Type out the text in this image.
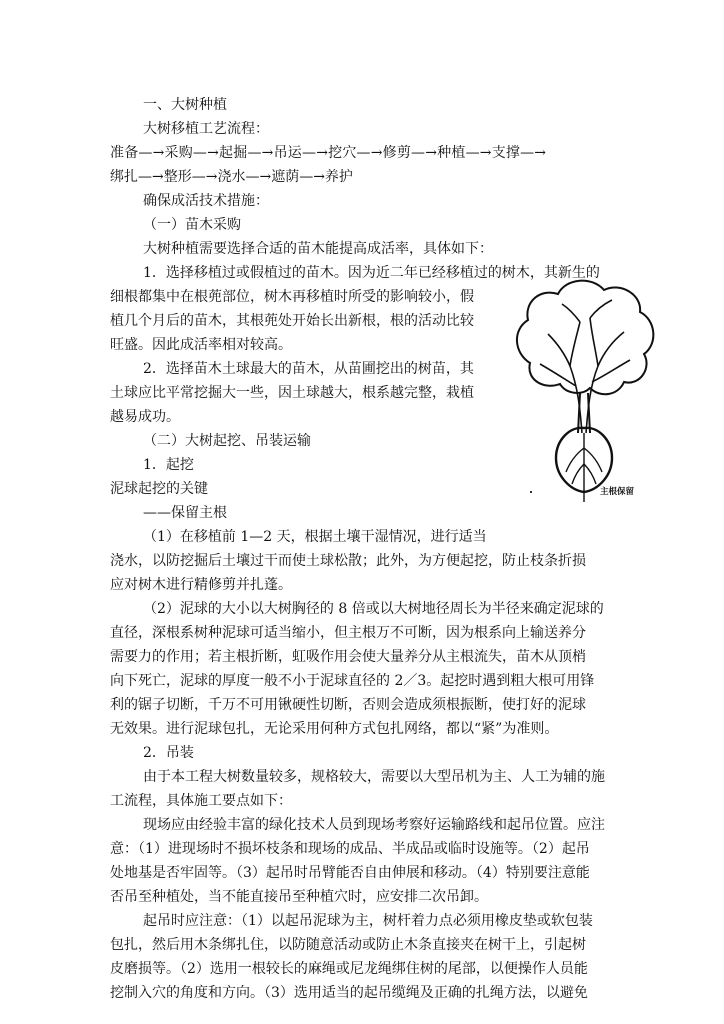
一、大树种植
大树移植工艺流程：
准备—→采购—→起掘—→吊运—→挖穴—→修剪—→种植—→支撑—→
绑扎—→整形—→浇水—→遮荫—→养护
确保成活技术措施：
（一）苗木采购
大树种植需要选择合适的苗木能提高成活率，具体如下：
1．选择移植过或假植过的苗木。因为近二年已经移植过的树木，其新生的
细根都集中在根蔸部位，树木再移植时所受的影响较小，假
植几个月后的苗木，其根蔸处开始长出新根，根的活动比较
旺盛。因此成活率相对较高。
2．选择苗木土球最大的苗木，从苗圃挖出的树苗，其
土球应比平常挖掘大一些，因土球越大，根系越完整，栽植
越易成功。
（二）大树起挖、吊装运输
1．起挖
泥球起挖的关键
——保留主根
（1）在移植前 1—2 天，根据土壤干湿情况，进行适当
浇水，以防挖掘后土壤过干而使土球松散；此外，为方便起挖，防止枝条折损
应对树木进行精修剪并扎蓬。
（2）泥球的大小以大树胸径的 8 倍或以大树地径周长为半径来确定泥球的
直径，深根系树种泥球可适当缩小，但主根万不可断，因为根系向上输送养分
需要力的作用；若主根折断，虹吸作用会使大量养分从主根流失，苗木从顶梢
向下死亡，泥球的厚度一般不小于泥球直径的 2／3。起挖时遇到粗大根可用锋
利的锯子切断，千万不可用锹硬性切断，否则会造成须根振断，使打好的泥球
无效果。进行泥球包扎，无论采用何种方式包扎网络，都以“紧”为准则。
2．吊装
由于本工程大树数量较多，规格较大，需要以大型吊机为主、人工为辅的施
工流程，具体施工要点如下：
现场应由经验丰富的绿化技术人员到现场考察好运输路线和起吊位置。应注
意：（1）进现场时不损坏枝条和现场的成品、半成品或临时设施等。（2）起吊
处地基是否牢固等。（3）起吊时吊臂能否自由伸展和移动。（4）特别要注意能
否吊至种植处，当不能直接吊至种植穴时，应安排二次吊卸。
起吊时应注意：（1）以起吊泥球为主，树杆着力点必须用橡皮垫或软包装
包扎，然后用木条绑扎住，以防随意活动或防止木条直接夹在树干上，引起树
皮磨损等。（2）选用一根较长的麻绳或尼龙绳绑住树的尾部，以便操作人员能
挖制入穴的角度和方向。（3）选用适当的起吊缆绳及正确的扎绳方法，以避免
主根保留
